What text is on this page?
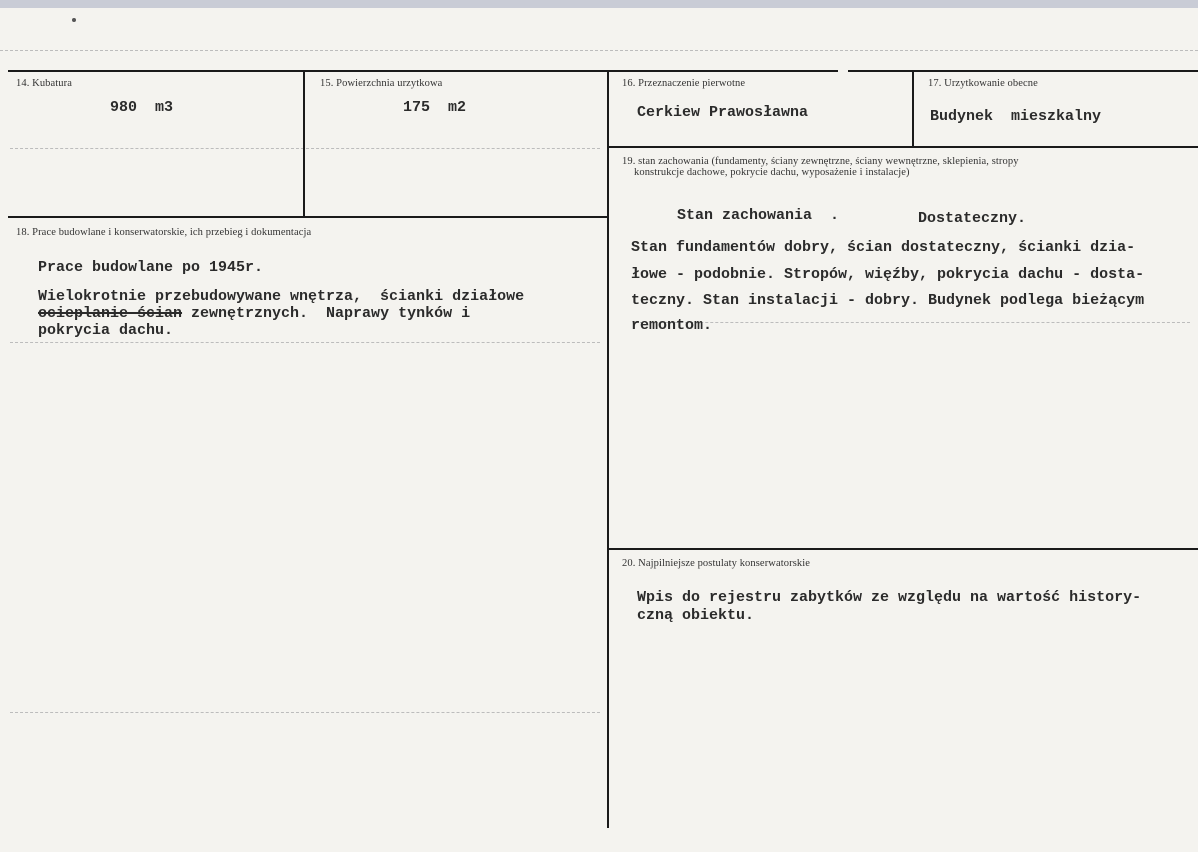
14. Kubatura
980  m3
15. Powierzchnia urzytkowa
175  m2
16. Przeznaczenie pierwotne
Cerkiew Prawosławna
17. Urzytkowanie obecne
Budynek  mieszkalny
19. stan zachowania (fundamenty, ściany zewnętrzne, ściany wewnętrzne, sklepienia, stropy
konstrukcje dachowe, pokrycie dachu, wyposażenie i instalacje)
Stan zachowania  .	Dostateczny.
Stan fundamentów dobry, ścian dostateczny, ścianki dzia-
łowe - podobnie. Stropów, więźby, pokrycia dachu - dosta-
teczny. Stan instalacji - dobry. Budynek podlega bieżącym
remontom.
18. Prace budowlane i konserwatorskie, ich przebieg i dokumentacja
Prace budowlane po 1945r.
Wielokrotnie przebudowywane wnętrza,  ścianki działowe
ocieplanie ścian zewnętrznych.  Naprawy tynków i
pokrycia dachu.
20. Najpilniejsze postulaty konserwatorskie
Wpis do rejestru zabytków ze względu na wartość history-
czną obiektu.
